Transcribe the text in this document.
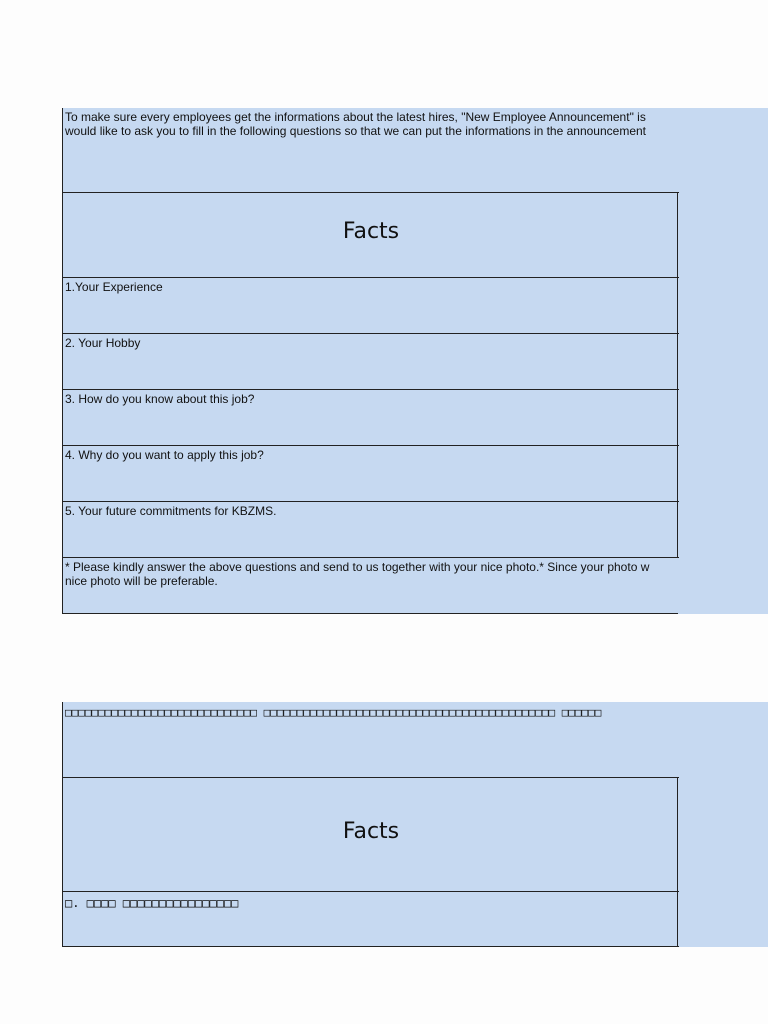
To make sure every employees get the informations about the latest hires, "New Employee Announcement" is
would like to ask you to fill in the following questions so that we can put the informations in the announcement
Facts
1.Your Experience
2. Your Hobby
3. How do you know about this job?
4. Why do you want to apply this job?
5. Your future commitments for KBZMS.
* Please kindly answer the above questions and send to us together with your nice photo.* Since your photo w
nice photo will be preferable.
□□□□□□□□□□□□□□□□□□□□□□□□□□□□□ □□□□□□□□□□□□□□□□□□□□□□□□□□□□□□□□□□□□□□□□□□□□ □□□□□□
Facts
□. □□□□ □□□□□□□□□□□□□□□□
